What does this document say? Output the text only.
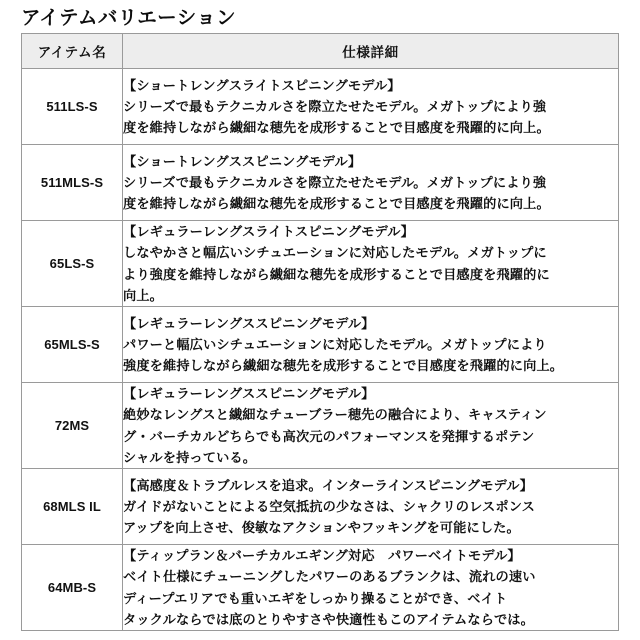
アイテムバリエーション
アイテム名	仕様詳細
511LS-S	【ショートレングスライトスピニングモデル】
シリーズで最もテクニカルさを際立たせたモデル。メガトップにより強
度を維持しながら繊細な穂先を成形することで目感度を飛躍的に向上。

511MLS-S	【ショートレングススピニングモデル】
シリーズで最もテクニカルさを際立たせたモデル。メガトップにより強
度を維持しながら繊細な穂先を成形することで目感度を飛躍的に向上。

65LS-S	【レギュラーレングスライトスピニングモデル】
しなやかさと幅広いシチュエーションに対応したモデル。メガトップに
より強度を維持しながら繊細な穂先を成形することで目感度を飛躍的に
向上。

65MLS-S	【レギュラーレングススピニングモデル】
パワーと幅広いシチュエーションに対応したモデル。メガトップにより
強度を維持しながら繊細な穂先を成形することで目感度を飛躍的に向上。

72MS	【レギュラーレングススピニングモデル】
絶妙なレングスと繊細なチューブラー穂先の融合により、キャスティン
グ・バーチカルどちらでも高次元のパフォーマンスを発揮するポテン
シャルを持っている。

68MLS IL	【高感度＆トラブルレスを追求。インターラインスピニングモデル】
ガイドがないことによる空気抵抗の少なさは、シャクリのレスポンス
アップを向上させ、俊敏なアクションやフッキングを可能にした。

64MB-S	【ティップラン＆バーチカルエギング対応　パワーベイトモデル】
ベイト仕様にチューニングしたパワーのあるブランクは、流れの速い
ディープエリアでも重いエギをしっかり操ることができ、ベイト
タックルならでは底のとりやすさや快適性もこのアイテムならでは。
